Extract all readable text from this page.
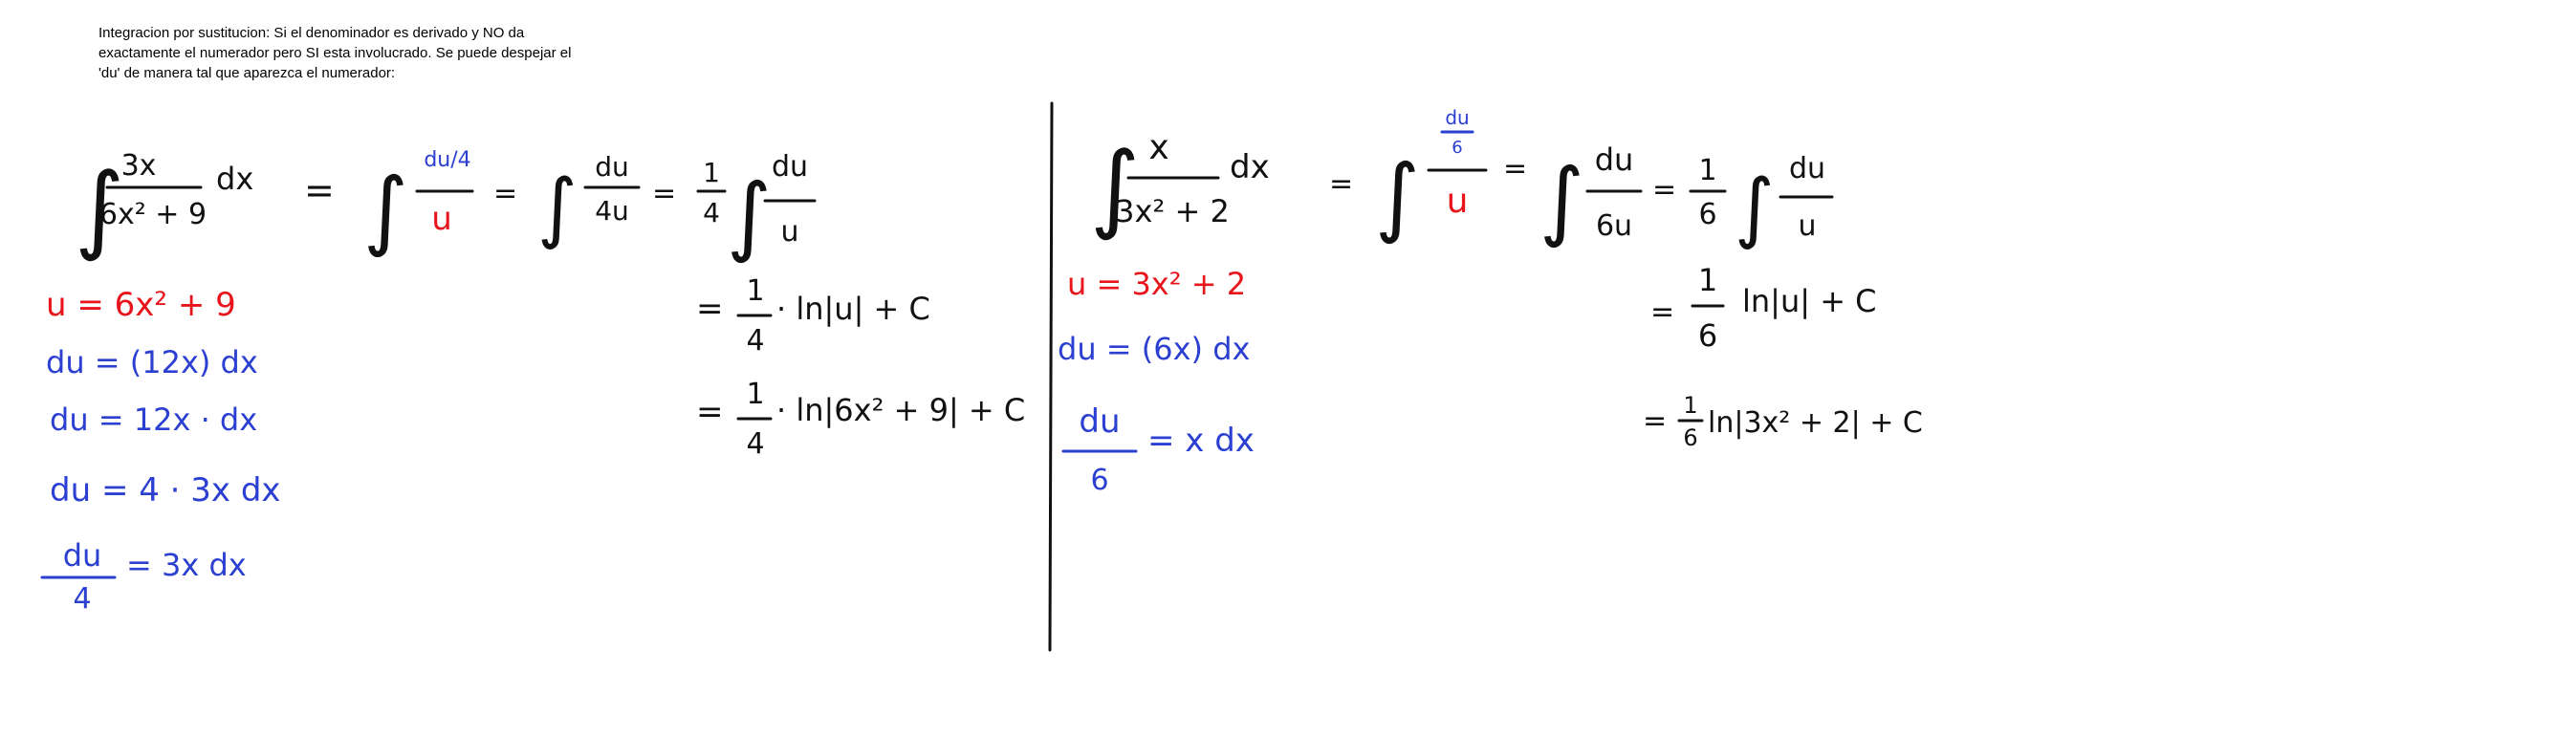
Integracion por sustitucion: Si el denominador es derivado y NO da
exactamente el numerador pero SI esta involucrado. Se puede despejar el
'du' de manera tal que aparezca el numerador:
∫
3x
6x² + 9
dx = ∫ du/4
u
= ∫ du
4u
=
1
4 ∫ du
u
= 1
4
· ln|u| + C
= 1
4
· ln|6x² + 9| + C
u = 6x² + 9
du = (12x) dx
du = 12x · dx
du = 4 · 3x dx
du
4
= 3x dx
∫ x
3x² + 2
dx = ∫
du
6
u
= ∫ du
6u
=
1
6 ∫ du
u
=
1
6
ln|u| + C
= 1
6 ln|3x² + 2| + C
u = 3x² + 2
du = (6x) dx
du
6
= x dx
